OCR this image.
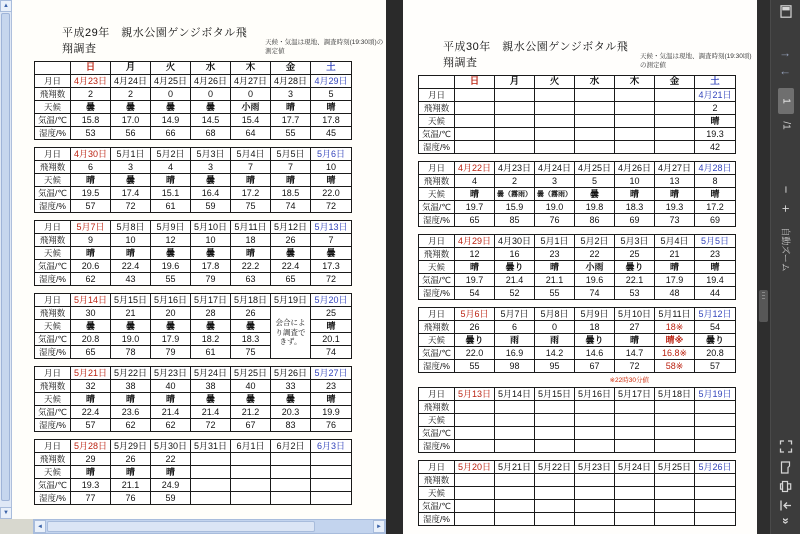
▲
▼
平成29年　親水公園ゲンジボタル飛翔調査
天候・気温は現地、調査時刻(19:30頃)の測定値
	日	月	火	水	木	金	土
月日	4月23日	4月24日	4月25日	4月26日	4月27日	4月28日	4月29日
飛翔数	2	2	0	0	0	3	5
天候	曇	曇	曇	曇	小雨	晴	晴
気温/℃	15.8	17.0	14.9	14.5	15.4	17.7	17.8
湿度/%	53	56	66	68	64	55	45
月日	4月30日	5月1日	5月2日	5月3日	5月4日	5月5日	5月6日
飛翔数	6	3	4	3	7	7	10
天候	晴	曇	晴	曇	晴	晴	晴
気温/℃	19.5	17.4	15.1	16.4	17.2	18.5	22.0
湿度/%	57	72	61	59	75	74	72
月日	5月7日	5月8日	5月9日	5月10日	5月11日	5月12日	5月13日
飛翔数	9	10	12	10	18	26	7
天候	晴	晴	曇	曇	晴	曇	曇
気温/℃	20.6	22.4	19.6	17.8	22.2	22.4	17.3
湿度/%	62	43	55	79	63	65	72
月日	5月14日	5月15日	5月16日	5月17日	5月18日	5月19日	5月20日
飛翔数	30	21	20	28	26	会合により調査できず。	25
天候	曇	曇	曇	曇	曇		晴
気温/℃	20.8	19.0	17.9	18.2	18.3		20.1
湿度/%	65	78	79	61	75		74
月日	5月21日	5月22日	5月23日	5月24日	5月25日	5月26日	5月27日
飛翔数	32	38	40	38	40	33	23
天候	晴	晴	晴	曇	曇	曇	晴
気温/℃	22.4	23.6	21.4	21.4	21.2	20.3	19.9
湿度/%	57	62	62	72	67	83	76
月日	5月28日	5月29日	5月30日	5月31日	6月1日	6月2日	6月3日
飛翔数	29	26	22				
天候	晴	晴	晴				
気温/℃	19.3	21.1	24.9				
湿度/%	77	76	59				
◄	►
平成30年　親水公園ゲンジボタル飛翔調査
天候・気温は現地、調査時刻(19:30頃)の測定値
	日	月	火	水	木	金	土
月日							4月21日
飛翔数							2
天候							晴
気温/℃							19.3
湿度/%							42
月日	4月22日	4月23日	4月24日	4月25日	4月26日	4月27日	4月28日
飛翔数	4	2	3	5	10	13	8
天候	晴	曇（霧雨）	曇（霧雨）	曇	晴	晴	晴
気温/℃	19.7	15.9	19.0	19.8	18.3	19.3	17.2
湿度/%	65	85	76	86	69	73	69
月日	4月29日	4月30日	5月1日	5月2日	5月3日	5月4日	5月5日
飛翔数	12	16	23	22	25	21	23
天候	晴	曇り	晴	小雨	曇り	晴	晴
気温/℃	19.7	21.4	21.1	19.6	22.1	17.9	19.4
湿度/%	54	52	55	74	53	48	44
月日	5月6日	5月7日	5月8日	5月9日	5月10日	5月11日	5月12日
飛翔数	26	6	0	18	27	18※	54
天候	曇り	雨	雨	曇り	晴	晴※	曇り
気温/℃	22.0	16.9	14.2	14.6	14.7	16.8※	20.8
湿度/%	55	98	95	67	72	58※	57
※22時30分値
月日	5月13日	5月14日	5月15日	5月16日	5月17日	5月18日	5月19日
飛翔数							
天候							
気温/℃							
湿度/%							
月日	5月20日	5月21日	5月22日	5月23日	5月24日	5月25日	5月26日
飛翔数							
天候							
気温/℃							
湿度/%							
↑
↓
1
/1
−
+
自動ズーム
»
